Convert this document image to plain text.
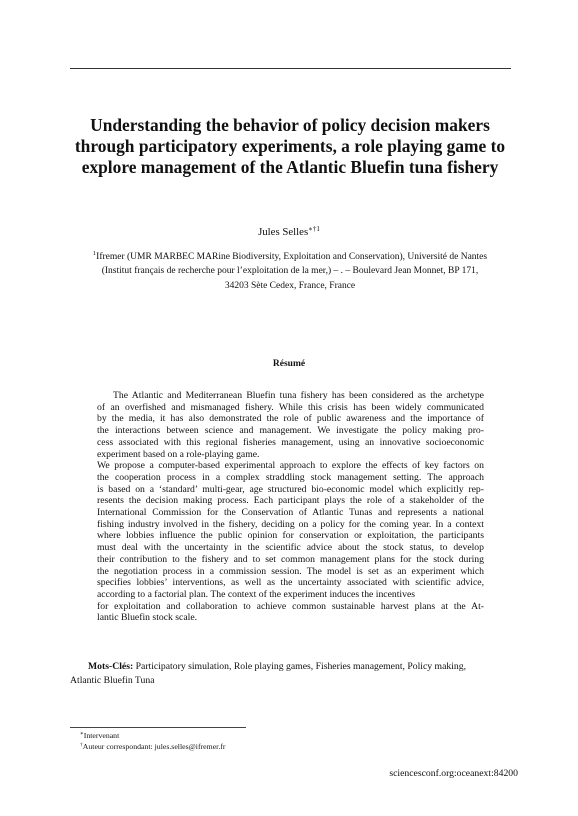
Understanding the behavior of policy decision makers through participatory experiments, a role playing game to explore management of the Atlantic Bluefin tuna fishery
Jules Selles$^{∗\dagger 1}$
$^1$Ifremer (UMR MARBEC MARine Biodiversity, Exploitation and Conservation), Université de Nantes
(Institut français de recherche pour l’exploitation de la mer,) – . – Boulevard Jean Monnet, BP 171,
34203 Sète Cedex, France, France
Résumé
The Atlantic and Mediterranean Bluefin tuna fishery has been considered as the archetype
of an overfished and mismanaged fishery. While this crisis has been widely communicated
by the media, it has also demonstrated the role of public awareness and the importance of
the interactions between science and management. We investigate the policy making pro-
cess associated with this regional fisheries management, using an innovative socioeconomic
experiment based on a role-playing game.
We propose a computer-based experimental approach to explore the effects of key factors on
the cooperation process in a complex straddling stock management setting. The approach
is based on a ‘standard’ multi-gear, age structured bio-economic model which explicitly rep-
resents the decision making process. Each participant plays the role of a stakeholder of the
International Commission for the Conservation of Atlantic Tunas and represents a national
fishing industry involved in the fishery, deciding on a policy for the coming year. In a context
where lobbies influence the public opinion for conservation or exploitation, the participants
must deal with the uncertainty in the scientific advice about the stock status, to develop
their contribution to the fishery and to set common management plans for the stock during
the negotiation process in a commission session. The model is set as an experiment which
specifies lobbies’ interventions, as well as the uncertainty associated with scientific advice,
according to a factorial plan. The context of the experiment induces the incentives
for exploitation and collaboration to achieve common sustainable harvest plans at the At-
lantic Bluefin stock scale.
Mots-Clés: Participatory simulation, Role playing games, Fisheries management, Policy making,
Atlantic Bluefin Tuna
∗Intervenant
†Auteur correspondant: jules.selles@ifremer.fr
sciencesconf.org:oceanext:84200
